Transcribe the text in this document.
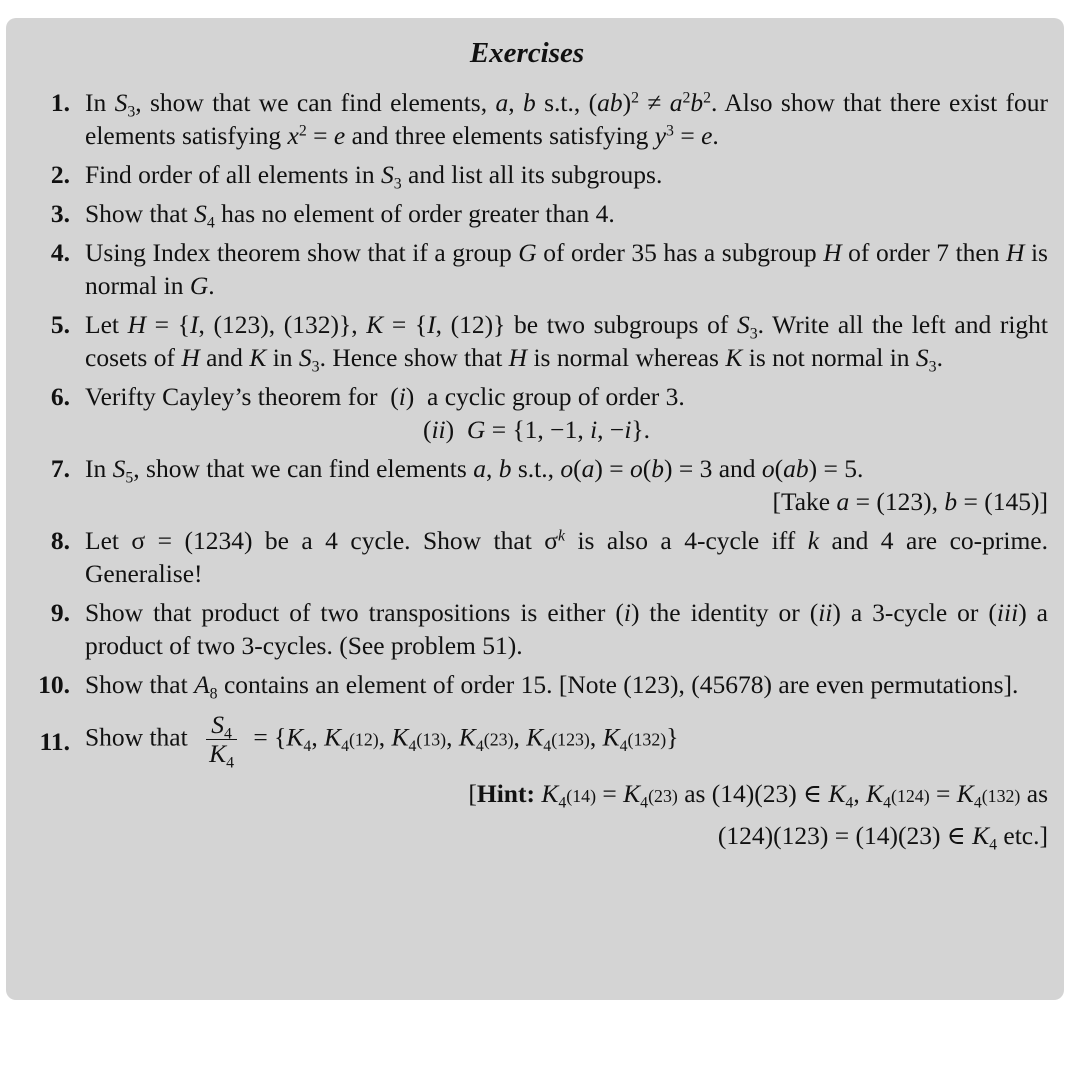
Exercises
1. In $S_3$, show that we can find elements, a, b s.t., $(ab)^2 \ne a^2b^2$. Also show that there exist four elements satisfying $x^2 = e$ and three elements satisfying $y^3 = e$.

2. Find order of all elements in $S_3$ and list all its subgroups.

3. Show that $S_4$ has no element of order greater than 4.

4. Using Index theorem show that if a group G of order 35 has a subgroup H of order 7 then H is normal in G.

5. Let H = {I, (123), (132)}, K = {I, (12)} be two subgroups of $S_3$. Write all the left and right cosets of H and K in $S_3$. Hence show that H is normal whereas K is not normal in $S_3$.

6. Verifty Cayley’s theorem for  (i)  a cyclic group of order 3.

(ii)  G = {1, −1, i, −i}.

7. In $S_5$, show that we can find elements a, b s.t., o(a) = o(b) = 3 and o(ab) = 5.

[Take a = (123), b = (145)]

8. Let σ = (1234) be a 4 cycle. Show that $\sigma^k$ is also a 4-cycle iff k and 4 are co-prime. Generalise!

9. Show that product of two transpositions is either (i) the identity or (ii) a 3-cycle or (iii) a product of two 3-cycles. (See problem 51).

10. Show that $A_8$ contains an element of order 15. [Note (123), (45678) are even permutations].

11. Show that $\frac{S_4}{K_4} = \{K_4$, $K_4(12)$, $K_4(13)$, $K_4(23)$, $K_4(123)$, $K_4(132)$}

[Hint: $K_4(14) = K_4(23)$ as (14)(23) ∈ $K_4$, $K_4(124) = K_4(132)$ as
(124)(123) = (14)(23) ∈ $K_4$ etc.]
